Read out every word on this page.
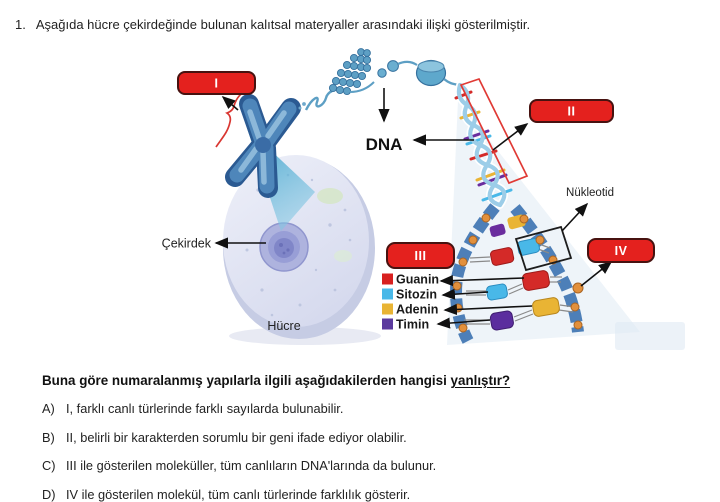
1. Aşağıda hücre çekirdeğinde bulunan kalıtsal materyaller arasındaki ilişki gösterilmiştir.
I
II
III	IV
Guanin
Sitozin
Adenin
Timin
DNA
Çekirdek
Hücre
Nükleotid
Buna göre numaralanmış yapılarla ilgili aşağıdakilerden hangisi yanlıştır?
A) I, farklı canlı türlerinde farklı sayılarda bulunabilir.
B) II, belirli bir karakterden sorumlu bir geni ifade ediyor olabilir.
C) III ile gösterilen moleküller, tüm canlıların DNA'larında da bulunur.
D) IV ile gösterilen molekül, tüm canlı türlerinde farklılık gösterir.
